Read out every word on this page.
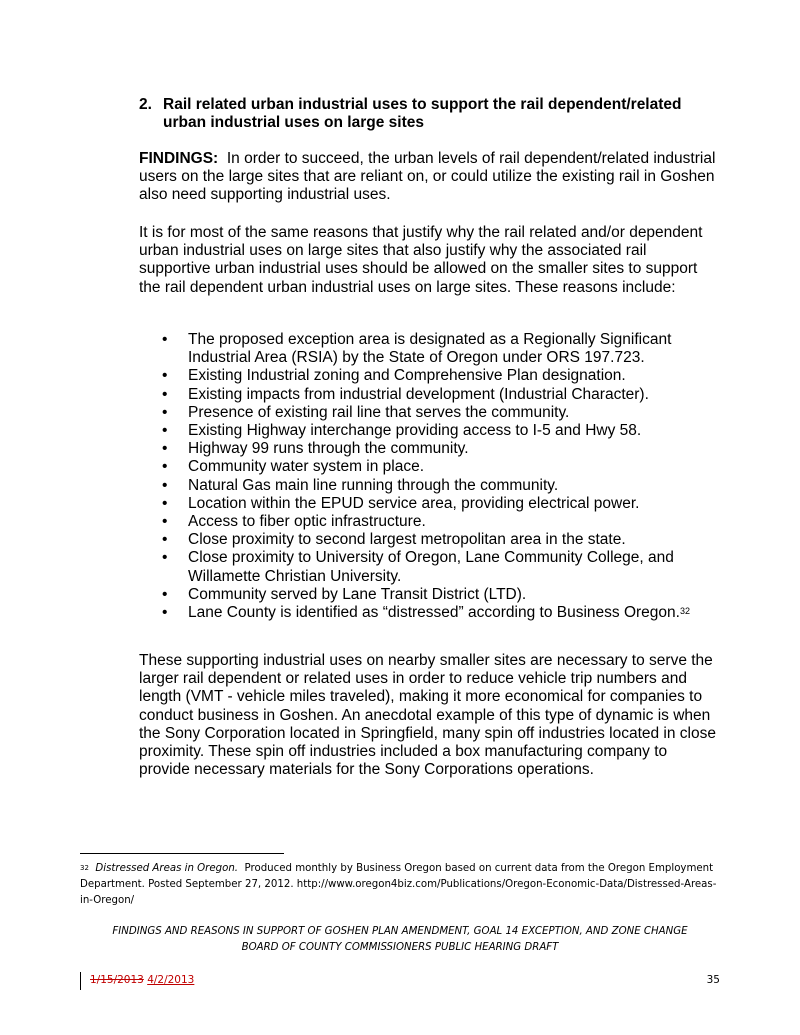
2. Rail related urban industrial uses to support the rail dependent/related urban industrial uses on large sites
FINDINGS: In order to succeed, the urban levels of rail dependent/related industrial users on the large sites that are reliant on, or could utilize the existing rail in Goshen also need supporting industrial uses.
It is for most of the same reasons that justify why the rail related and/or dependent urban industrial uses on large sites that also justify why the associated rail supportive urban industrial uses should be allowed on the smaller sites to support the rail dependent urban industrial uses on large sites. These reasons include:
• The proposed exception area is designated as a Regionally Significant Industrial Area (RSIA) by the State of Oregon under ORS 197.723.
• Existing Industrial zoning and Comprehensive Plan designation.
• Existing impacts from industrial development (Industrial Character).
• Presence of existing rail line that serves the community.
• Existing Highway interchange providing access to I-5 and Hwy 58.
• Highway 99 runs through the community.
• Community water system in place.
• Natural Gas main line running through the community.
• Location within the EPUD service area, providing electrical power.
• Access to fiber optic infrastructure.
• Close proximity to second largest metropolitan area in the state.
• Close proximity to University of Oregon, Lane Community College, and Willamette Christian University.
• Community served by Lane Transit District (LTD).
• Lane County is identified as “distressed” according to Business Oregon.$^{32}$
These supporting industrial uses on nearby smaller sites are necessary to serve the larger rail dependent or related uses in order to reduce vehicle trip numbers and length (VMT - vehicle miles traveled), making it more economical for companies to conduct business in Goshen. An anecdotal example of this type of dynamic is when the Sony Corporation located in Springfield, many spin off industries located in close proximity. These spin off industries included a box manufacturing company to provide necessary materials for the Sony Corporations operations.
$^{32}$ Distressed Areas in Oregon. Produced monthly by Business Oregon based on current data from the Oregon Employment Department. Posted September 27, 2012. http://www.oregon4biz.com/Publications/Oregon-Economic-Data/Distressed-Areas-in-Oregon/
FINDINGS AND REASONS IN SUPPORT OF GOSHEN PLAN AMENDMENT, GOAL 14 EXCEPTION, AND ZONE CHANGE
BOARD OF COUNTY COMMISSIONERS PUBLIC HEARING DRAFT
1/15/2013 4/2/2013	35
